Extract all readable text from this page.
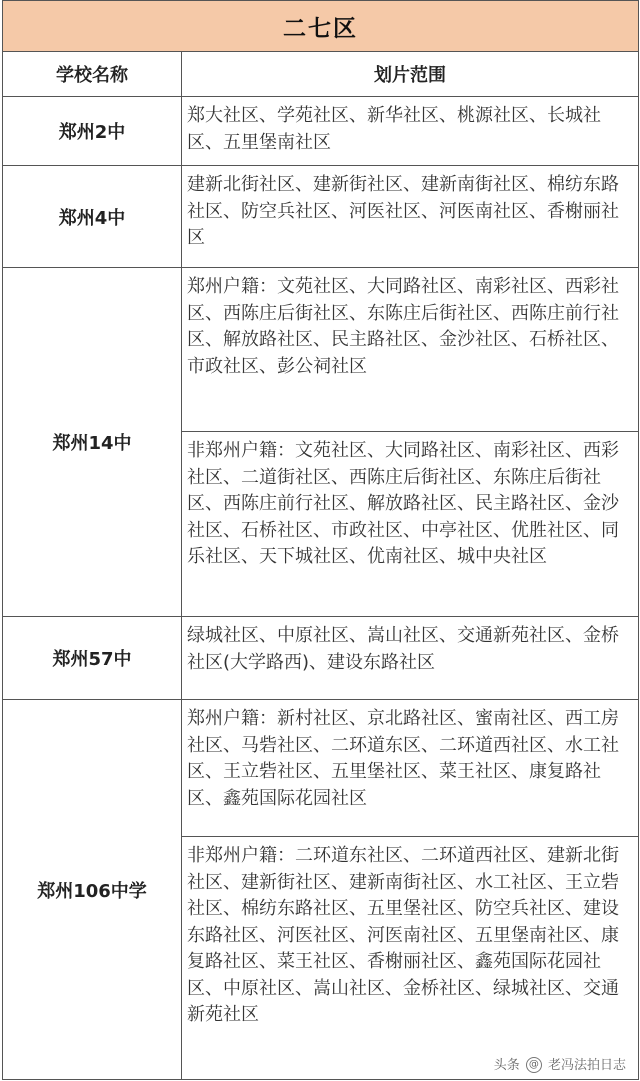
二七区	
学校名称	划片范围
郑州2中	郑大社区、学苑社区、新华社区、桃源社区、长城社区、五里堡南社区
郑州4中	建新北街社区、建新街社区、建新南街社区、棉纺东路社区、防空兵社区、河医社区、河医南社区、香榭丽社区
郑州14中	郑州户籍：文苑社区、大同路社区、南彩社区、西彩社区、西陈庄后街社区、东陈庄后街社区、西陈庄前行社区、解放路社区、民主路社区、金沙社区、石桥社区、市政社区、彭公祠社区
	非郑州户籍：文苑社区、大同路社区、南彩社区、西彩社区、二道街社区、西陈庄后街社区、东陈庄后街社区、西陈庄前行社区、解放路社区、民主路社区、金沙社区、石桥社区、市政社区、中亭社区、优胜社区、同乐社区、天下城社区、优南社区、城中央社区
郑州57中	绿城社区、中原社区、嵩山社区、交通新苑社区、金桥社区(大学路西)、建设东路社区
郑州106中学	郑州户籍：新村社区、京北路社区、蜜南社区、西工房社区、马砦社区、二环道东区、二环道西社区、水工社区、王立砦社区、五里堡社区、菜王社区、康复路社区、鑫苑国际花园社区
	非郑州户籍：二环道东社区、二环道西社区、建新北街社区、建新街社区、建新南街社区、水工社区、王立砦社区、棉纺东路社区、五里堡社区、防空兵社区、建设东路社区、河医社区、河医南社区、五里堡南社区、康复路社区、菜王社区、香榭丽社区、鑫苑国际花园社区、中原社区、嵩山社区、金桥社区、绿城社区、交通新苑社区
头条 @ 老冯法拍日志
